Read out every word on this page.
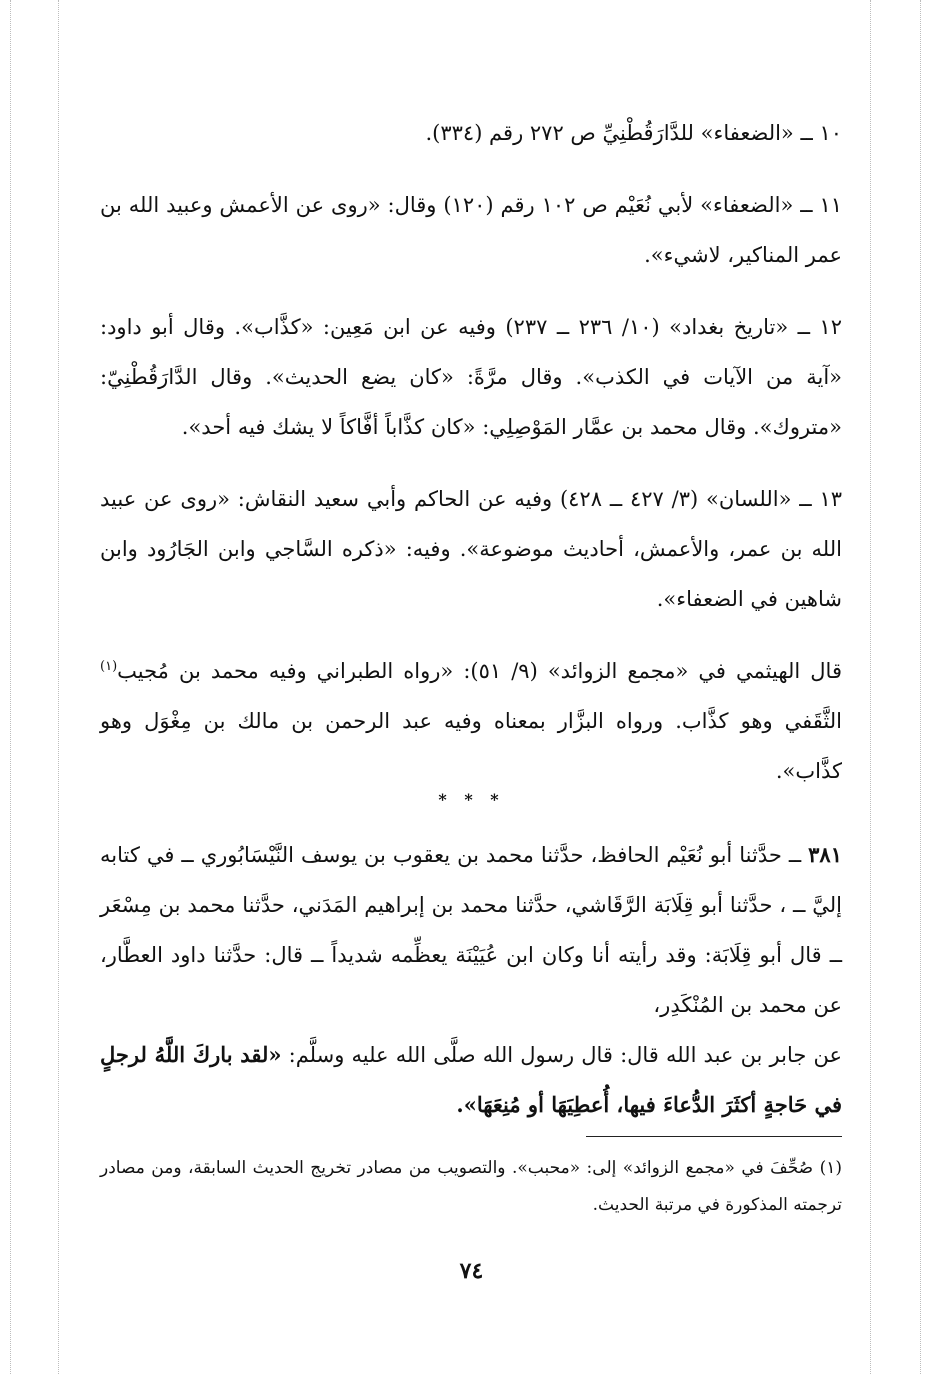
١٠ ــ «الضعفاء» للدَّارَقُطْنِيِّ ص ٢٧٢ رقم (٣٣٤).

١١ ــ «الضعفاء» لأبي نُعَيْم ص ١٠٢ رقم (١٢٠) وقال: «روى عن الأعمش وعبيد الله بن عمر المناكير، لاشيء».

١٢ ــ «تاريخ بغداد» (١٠/ ٢٣٦ ــ ٢٣٧) وفيه عن ابن مَعِين: «كذَّاب». وقال أبو داود: «آية من الآيات في الكذب». وقال مرَّةً: «كان يضع الحديث». وقال الدَّارَقُطْنِيّ: «متروك». وقال محمد بن عمَّار المَوْصِلِي: «كان كذَّاباً أفَّاكاً لا يشك فيه أحد».

١٣ ــ «اللسان» (٣/ ٤٢٧ ــ ٤٢٨) وفيه عن الحاكم وأبي سعيد النقاش: «روى عن عبيد الله بن عمر، والأعمش، أحاديث موضوعة». وفيه: «ذكره السَّاجي وابن الجَارُود وابن شاهين في الضعفاء».

قال الهيثمي في «مجمع الزوائد» (٩/ ٥١): «رواه الطبراني وفيه محمد بن مُجيب$^{(١)}$ الثَّقَفي وهو كذَّاب. ورواه البزَّار بمعناه وفيه عبد الرحمن بن مالك بن مِغْوَل وهو كذَّاب».

* * *

٣٨١ ــ حدَّثنا أبو نُعَيْم الحافظ، حدَّثنا محمد بن يعقوب بن يوسف النَّيْسَابُوري ــ في كتابه إليَّ ــ ، حدَّثنا أبو قِلَابَة الرَّقَاشي، حدَّثنا محمد بن إبراهيم المَدَني، حدَّثنا محمد بن مِسْعَر ــ قال أبو قِلَابَة: وقد رأيته أنا وكان ابن عُيَيْنَة يعظِّمه شديداً ــ قال: حدَّثنا داود العطَّار، عن محمد بن المُنْكَدِر،

عن جابر بن عبد الله قال: قال رسول الله صلَّى الله عليه وسلَّم: «لقد باركَ اللَّهُ لرجلٍ في حَاجةٍ أكثَرَ الدُّعاءَ فيها، أُعطِيَهَا أو مُنِعَهَا».

(١) صُحِّفَ في «مجمع الزوائد» إلى: «محبب». والتصويب من مصادر تخريج الحديث السابقة، ومن مصادر ترجمته المذكورة في مرتبة الحديث.

٧٤
